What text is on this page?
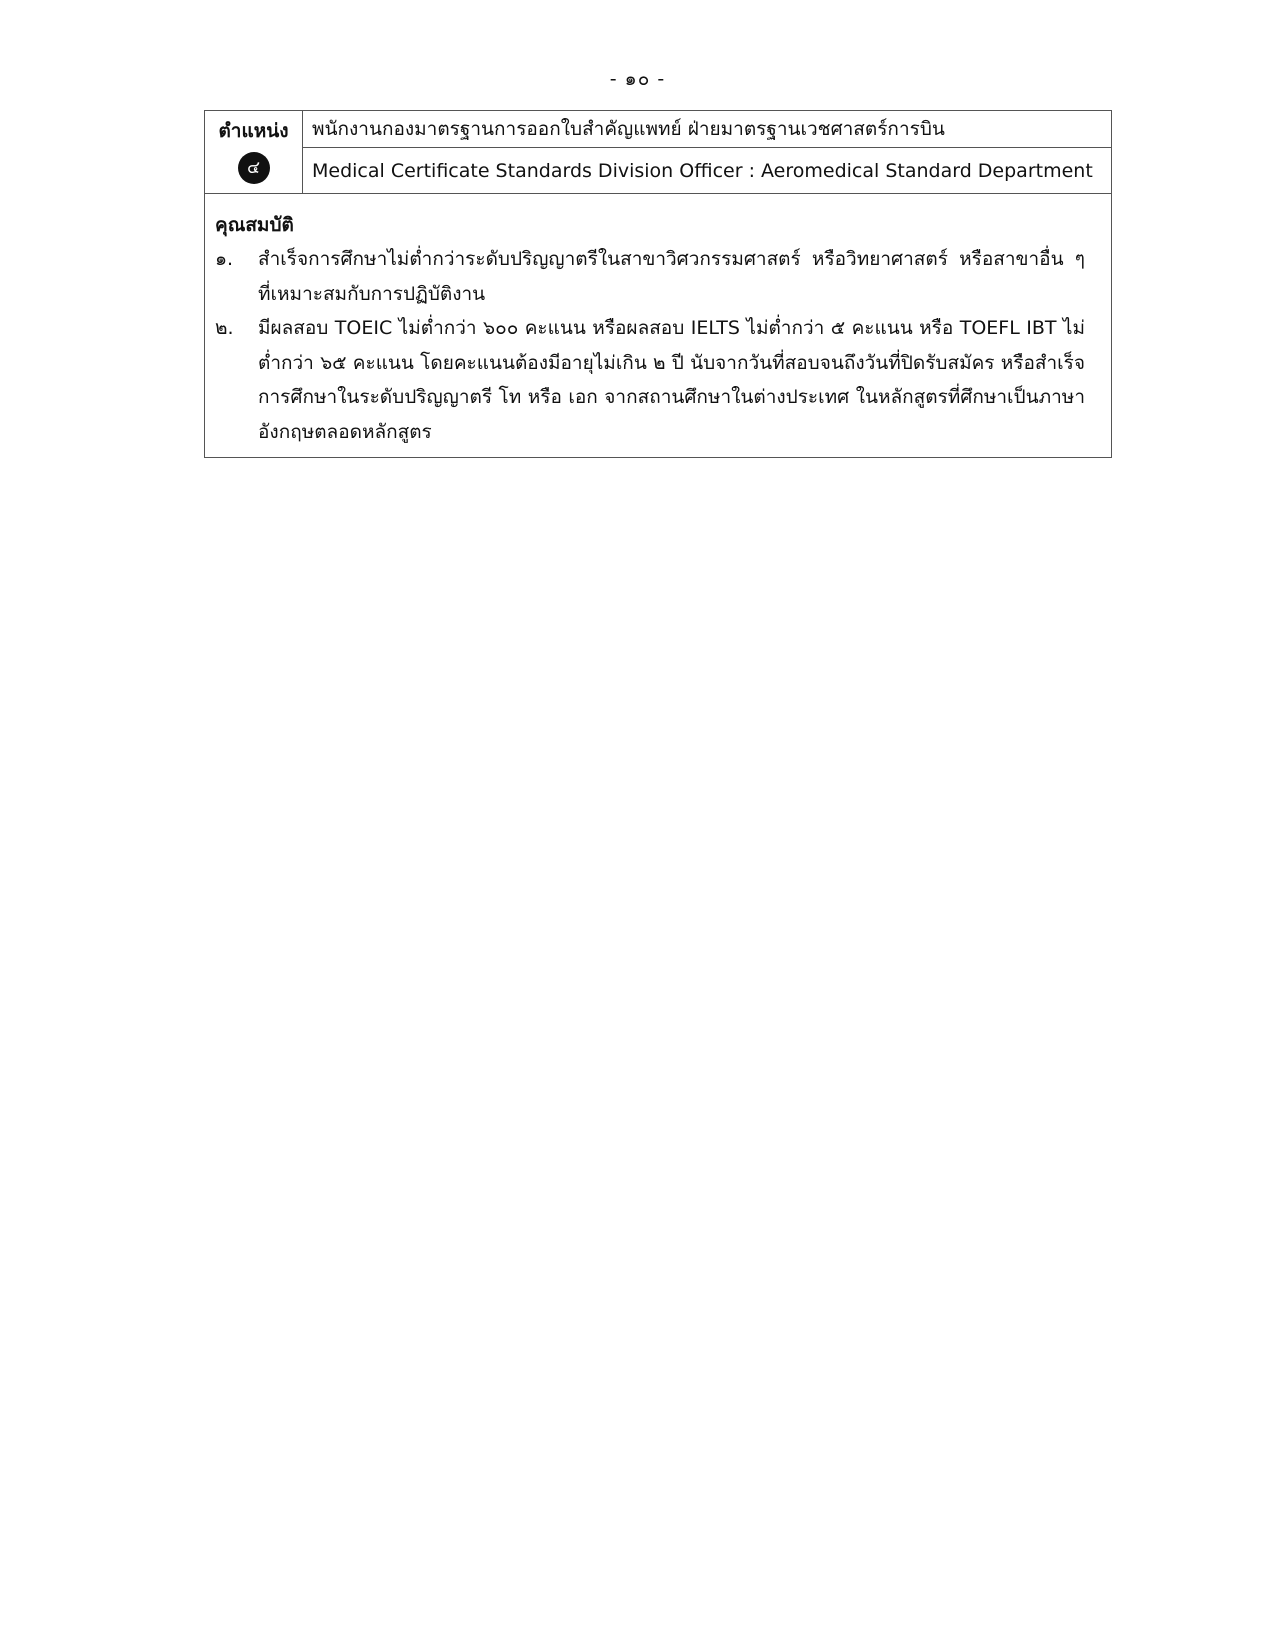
- ๑๐ -
ตำแหน่ง
๔	พนักงานกองมาตรฐานการออกใบสำคัญแพทย์ ฝ่ายมาตรฐานเวชศาสตร์การบิน
Medical Certificate Standards Division Officer : Aeromedical Standard Department

คุณสมบัติ
๑.	สำเร็จการศึกษาไม่ต่ำกว่าระดับปริญญาตรีในสาขาวิศวกรรมศาสตร์ หรือวิทยาศาสตร์ หรือสาขาอื่น ๆ ที่เหมาะสมกับการปฏิบัติงาน
๒.	มีผลสอบ TOEIC ไม่ต่ำกว่า ๖๐๐ คะแนน หรือผลสอบ IELTS ไม่ต่ำกว่า ๕ คะแนน หรือ TOEFL IBT ไม่ต่ำกว่า ๖๕ คะแนน โดยคะแนนต้องมีอายุไม่เกิน ๒ ปี นับจากวันที่สอบจนถึงวันที่ปิดรับสมัคร หรือสำเร็จการศึกษาในระดับปริญญาตรี โท หรือ เอก จากสถานศึกษาในต่างประเทศ ในหลักสูตรที่ศึกษาเป็นภาษาอังกฤษตลอดหลักสูตร
